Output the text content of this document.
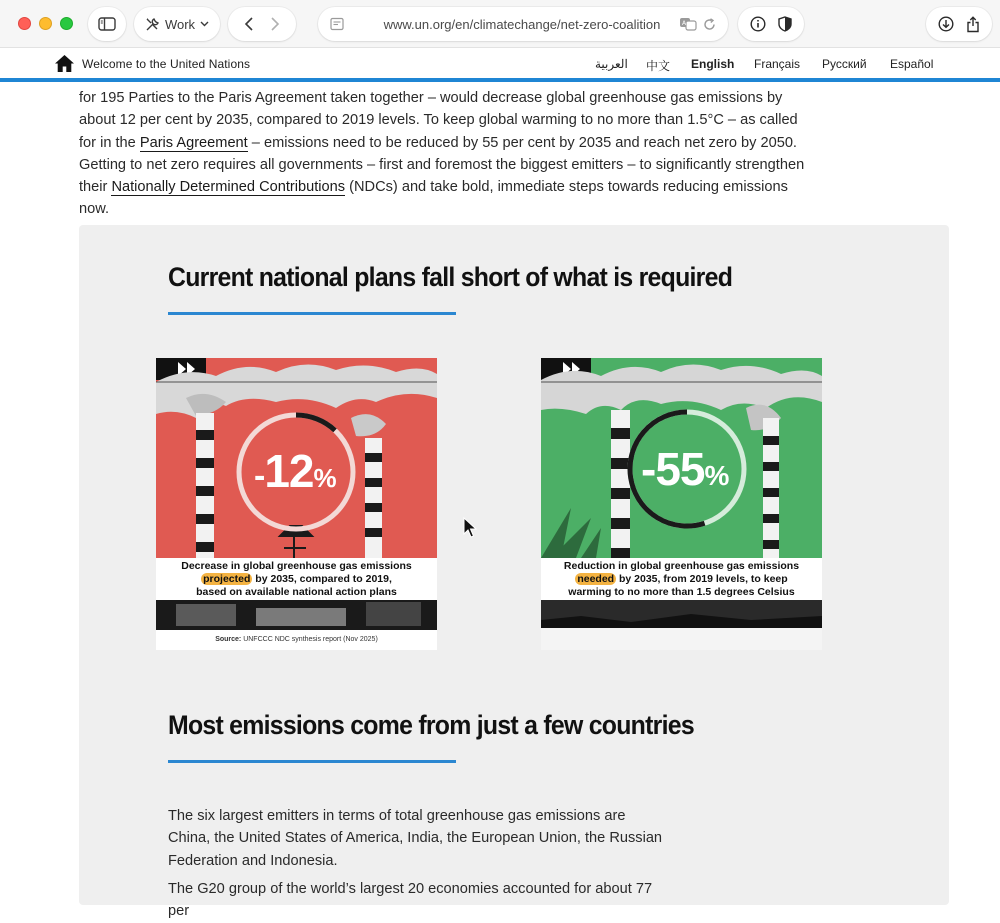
Work	www.un.org/en/climatechange/net-zero-coalition	A
Welcome to the United Nations	العربية 中文 English Français Русский Español

for 195 Parties to the Paris Agreement taken together – would decrease global greenhouse gas emissions by about 12 per cent by 2035, compared to 2019 levels. To keep global warming to no more than 1.5°C – as called for in the Paris Agreement – emissions need to be reduced by 55 per cent by 2035 and reach net zero by 2050. Getting to net zero requires all governments – first and foremost the biggest emitters – to significantly strengthen their Nationally Determined Contributions (NDCs) and take bold, immediate steps towards reducing emissions now.

Current national plans fall short of what is required
-12%
Decrease in global greenhouse gas emissions
projected by 2035, compared to 2019,
based on available national action plans
Source: UNFCCC NDC synthesis report (Nov 2025)
-55%
Reduction in global greenhouse gas emissions
needed by 2035, from 2019 levels, to keep
warming to no more than 1.5 degrees Celsius
Most emissions come from just a few countries

The six largest emitters in terms of total greenhouse gas emissions are China, the United States of America, India, the European Union, the Russian Federation and Indonesia.

The G20 group of the world’s largest 20 economies accounted for about 77 per
